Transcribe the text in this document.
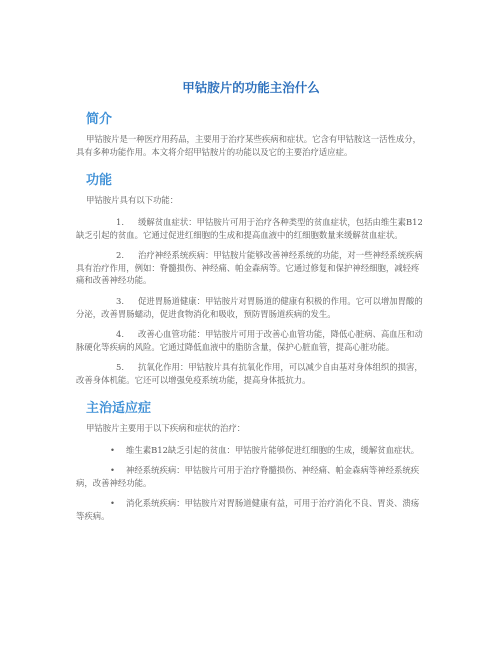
甲钴胺片的功能主治什么
简介

甲钴胺片是一种医疗用药品，主要用于治疗某些疾病和症状。它含有甲钴胺这一活性成分，具有多种功能作用。本文将介绍甲钴胺片的功能以及它的主要治疗适应症。

功能

甲钴胺片具有以下功能：

1. 缓解贫血症状：甲钴胺片可用于治疗各种类型的贫血症状，包括由维生素B12缺乏引起的贫血。它通过促进红细胞的生成和提高血液中的红细胞数量来缓解贫血症状。
2. 治疗神经系统疾病：甲钴胺片能够改善神经系统的功能，对一些神经系统疾病具有治疗作用，例如：脊髓损伤、神经痛、帕金森病等。它通过修复和保护神经细胞，减轻疼痛和改善神经功能。
3. 促进胃肠道健康：甲钴胺片对胃肠道的健康有积极的作用。它可以增加胃酸的分泌，改善胃肠蠕动，促进食物消化和吸收，预防胃肠道疾病的发生。
4. 改善心血管功能：甲钴胺片可用于改善心血管功能，降低心脏病、高血压和动脉硬化等疾病的风险。它通过降低血液中的脂肪含量，保护心脏血管，提高心脏功能。
5. 抗氧化作用：甲钴胺片具有抗氧化作用，可以减少自由基对身体组织的损害，改善身体机能。它还可以增强免疫系统功能，提高身体抵抗力。
主治适应症

甲钴胺片主要用于以下疾病和症状的治疗：

• 维生素B12缺乏引起的贫血：甲钴胺片能够促进红细胞的生成，缓解贫血症状。
• 神经系统疾病：甲钴胺片可用于治疗脊髓损伤、神经痛、帕金森病等神经系统疾病，改善神经功能。
• 消化系统疾病：甲钴胺片对胃肠道健康有益，可用于治疗消化不良、胃炎、溃疡等疾病。
